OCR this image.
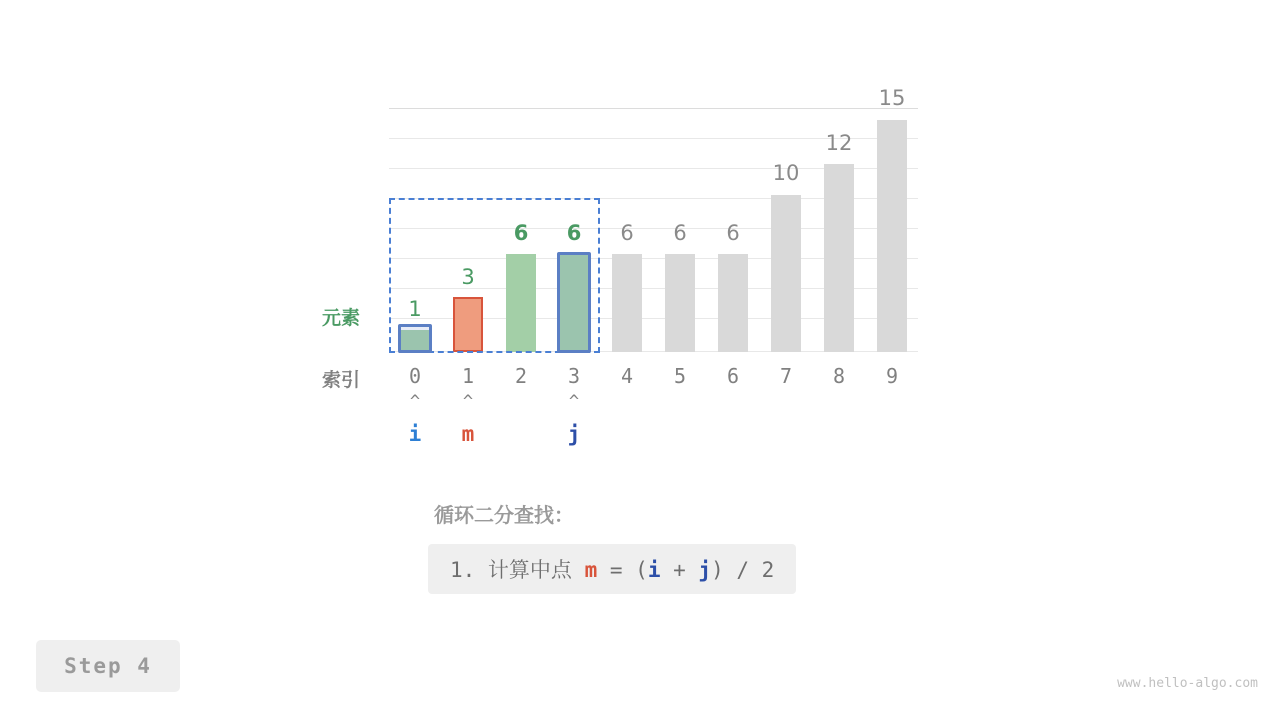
1
3
6	6	6	6	6
10
12
15
元素
索引	0	1	2	3	4	5	6	7	8	9
^	^	^
i	m	j
循环二分查找：
1. 计算中点 m = (i + j) / 2
Step 4
www.hello-algo.com
